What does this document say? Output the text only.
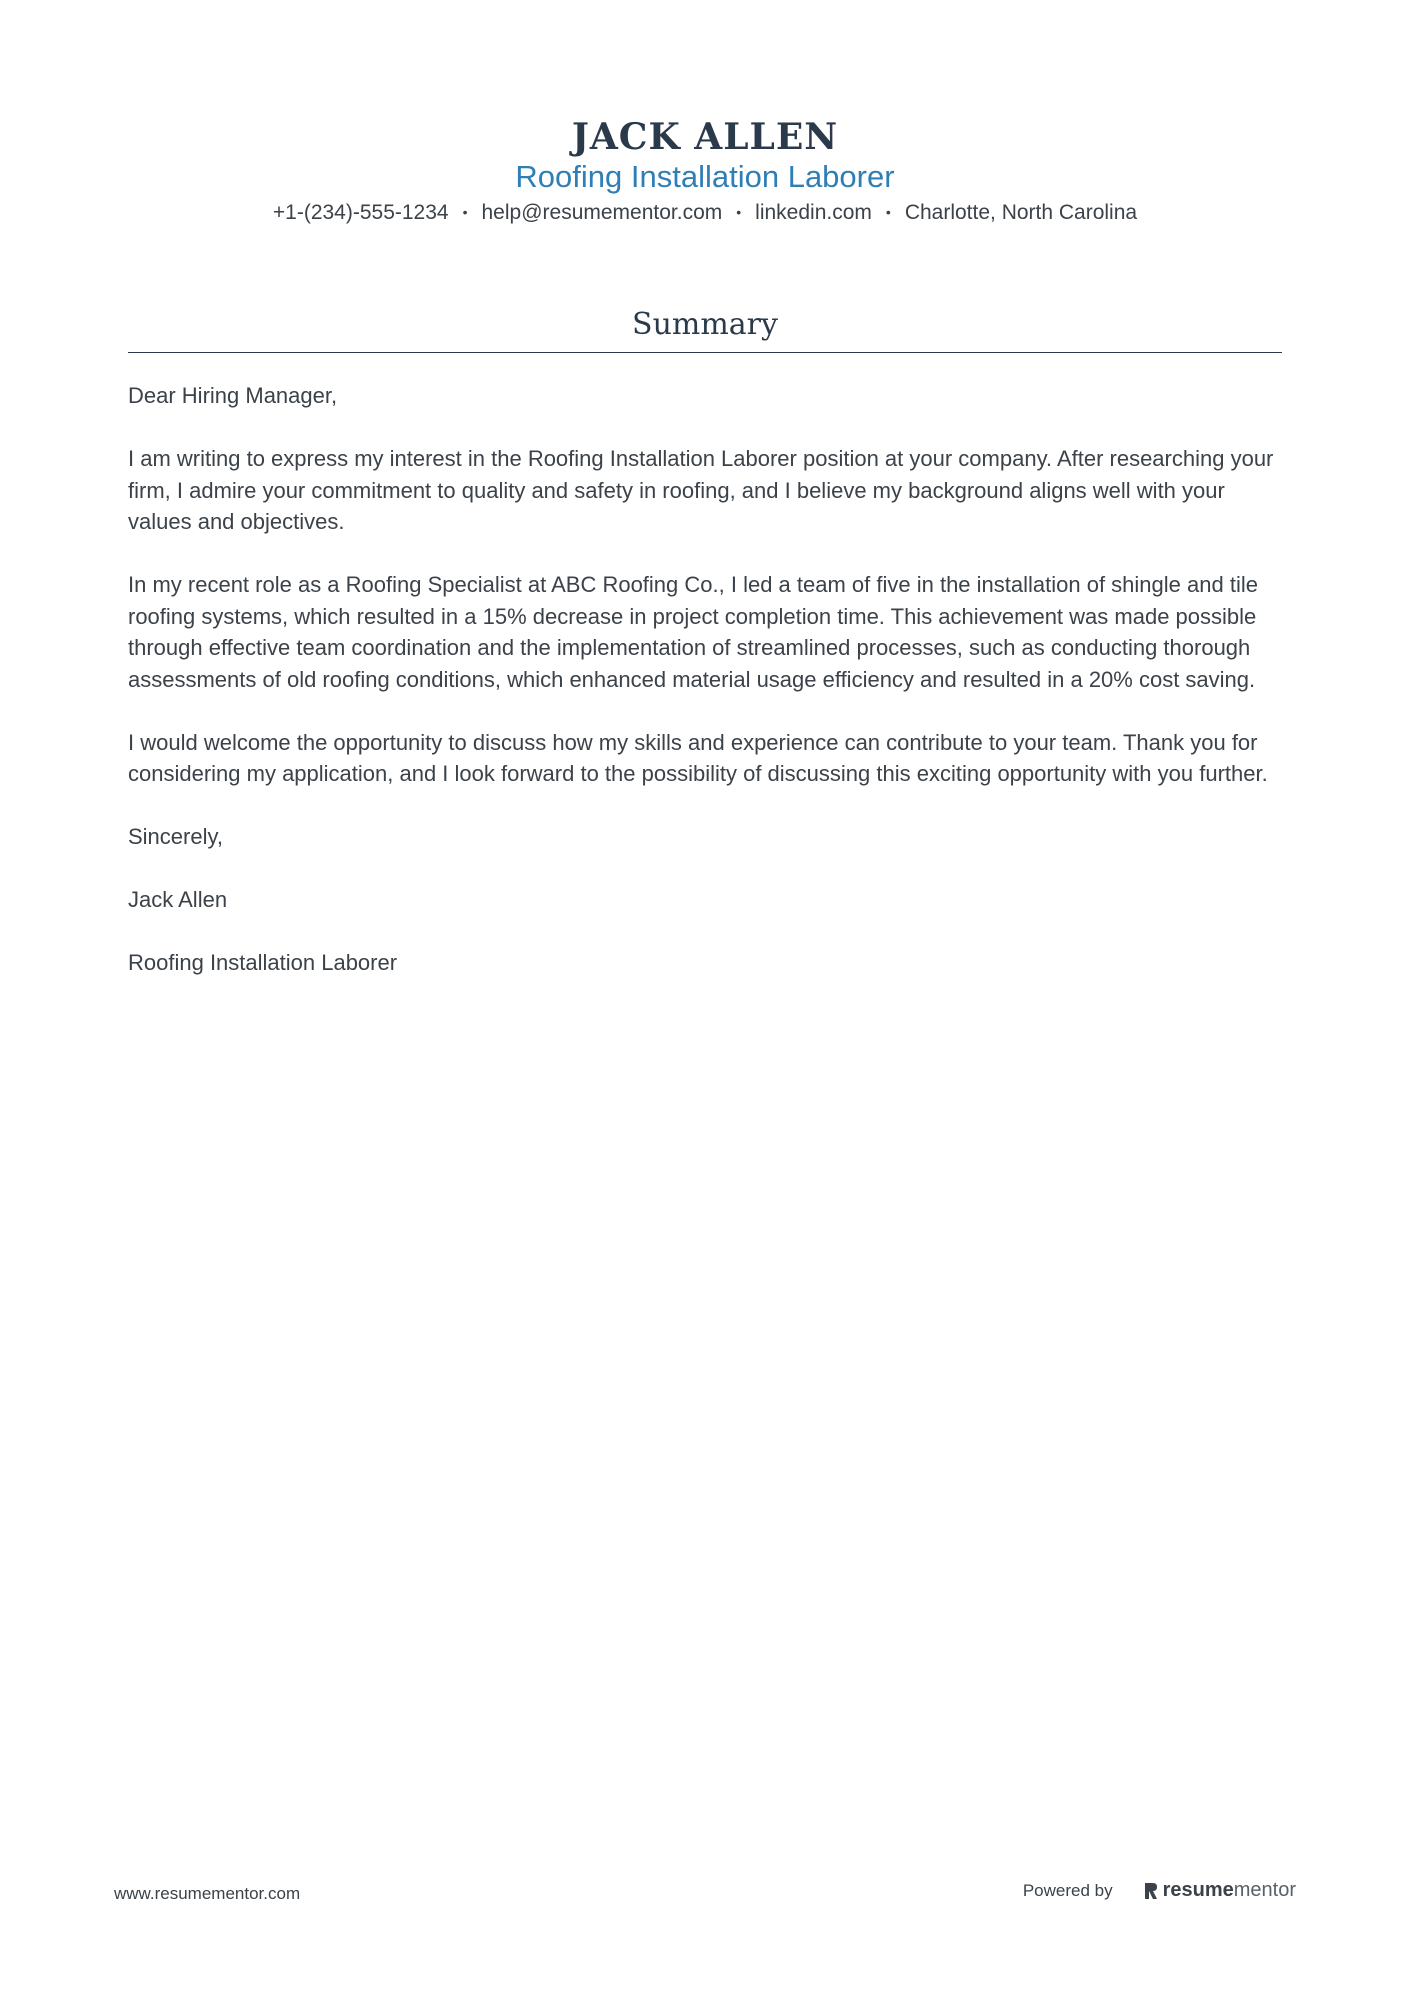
JACK ALLEN
Roofing Installation Laborer
+1-(234)-555-1234 • help@resumementor.com • linkedin.com • Charlotte, North Carolina
Summary

Dear Hiring Manager,

I am writing to express my interest in the Roofing Installation Laborer position at your company. After researching your firm, I admire your commitment to quality and safety in roofing, and I believe my background aligns well with your values and objectives.

In my recent role as a Roofing Specialist at ABC Roofing Co., I led a team of five in the installation of shingle and tile roofing systems, which resulted in a 15% decrease in project completion time. This achievement was made possible through effective team coordination and the implementation of streamlined processes, such as conducting thorough assessments of old roofing conditions, which enhanced material usage efficiency and resulted in a 20% cost saving.

I would welcome the opportunity to discuss how my skills and experience can contribute to your team. Thank you for considering my application, and I look forward to the possibility of discussing this exciting opportunity with you further.

Sincerely,

Jack Allen

Roofing Installation Laborer

www.resumementor.com	Powered by	resume mentor
